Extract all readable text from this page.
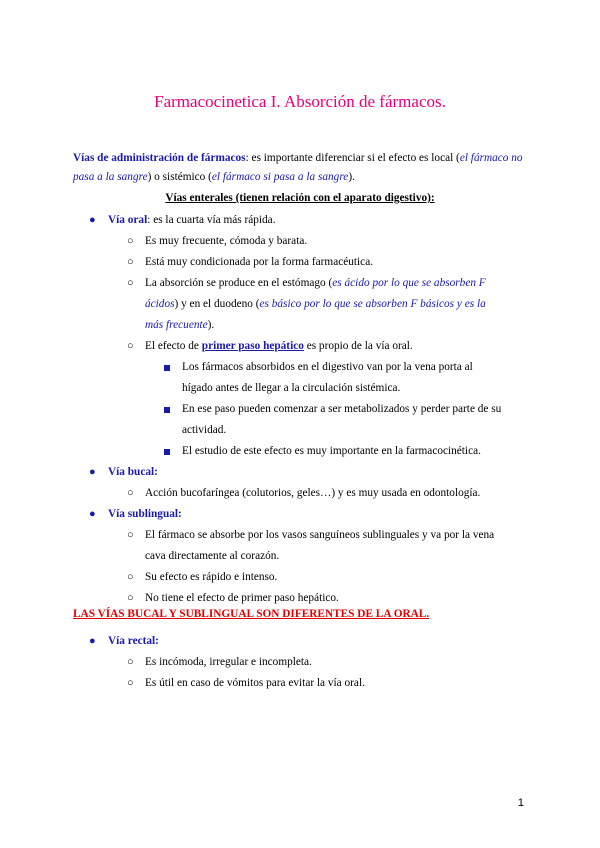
Farmacocinetica I. Absorción de fármacos.
Vías de administración de fármacos: es importante diferenciar si el efecto es local (el fármaco no pasa a la sangre) o sistémico (el fármaco si pasa a la sangre).
Vías enterales (tienen relación con el aparato digestivo):
● Vía oral: es la cuarta vía más rápida.
○ Es muy frecuente, cómoda y barata.
○ Está muy condicionada por la forma farmacéutica.
○ La absorción se produce en el estómago (es ácido por lo que se absorben F
ácidos) y en el duodeno (es básico por lo que se absorben F básicos y es la
más frecuente).
○ El efecto de primer paso hepático es propio de la vía oral.
Los fármacos absorbidos en el digestivo van por la vena porta al
hígado antes de llegar a la circulación sistémica.
En ese paso pueden comenzar a ser metabolizados y perder parte de su
actividad.
El estudio de este efecto es muy importante en la farmacocinética.
● Vía bucal:
○ Acción bucofaríngea (colutorios, geles…) y es muy usada en odontología.
● Vía sublingual:
○ El fármaco se absorbe por los vasos sanguíneos sublinguales y va por la vena
cava directamente al corazón.
○ Su efecto es rápido e intenso.
○ No tiene el efecto de primer paso hepático.
LAS VÍAS BUCAL Y SUBLINGUAL SON DIFERENTES DE LA ORAL.
● Vía rectal:
○ Es incómoda, irregular e incompleta.
○ Es útil en caso de vómitos para evitar la vía oral.
1
